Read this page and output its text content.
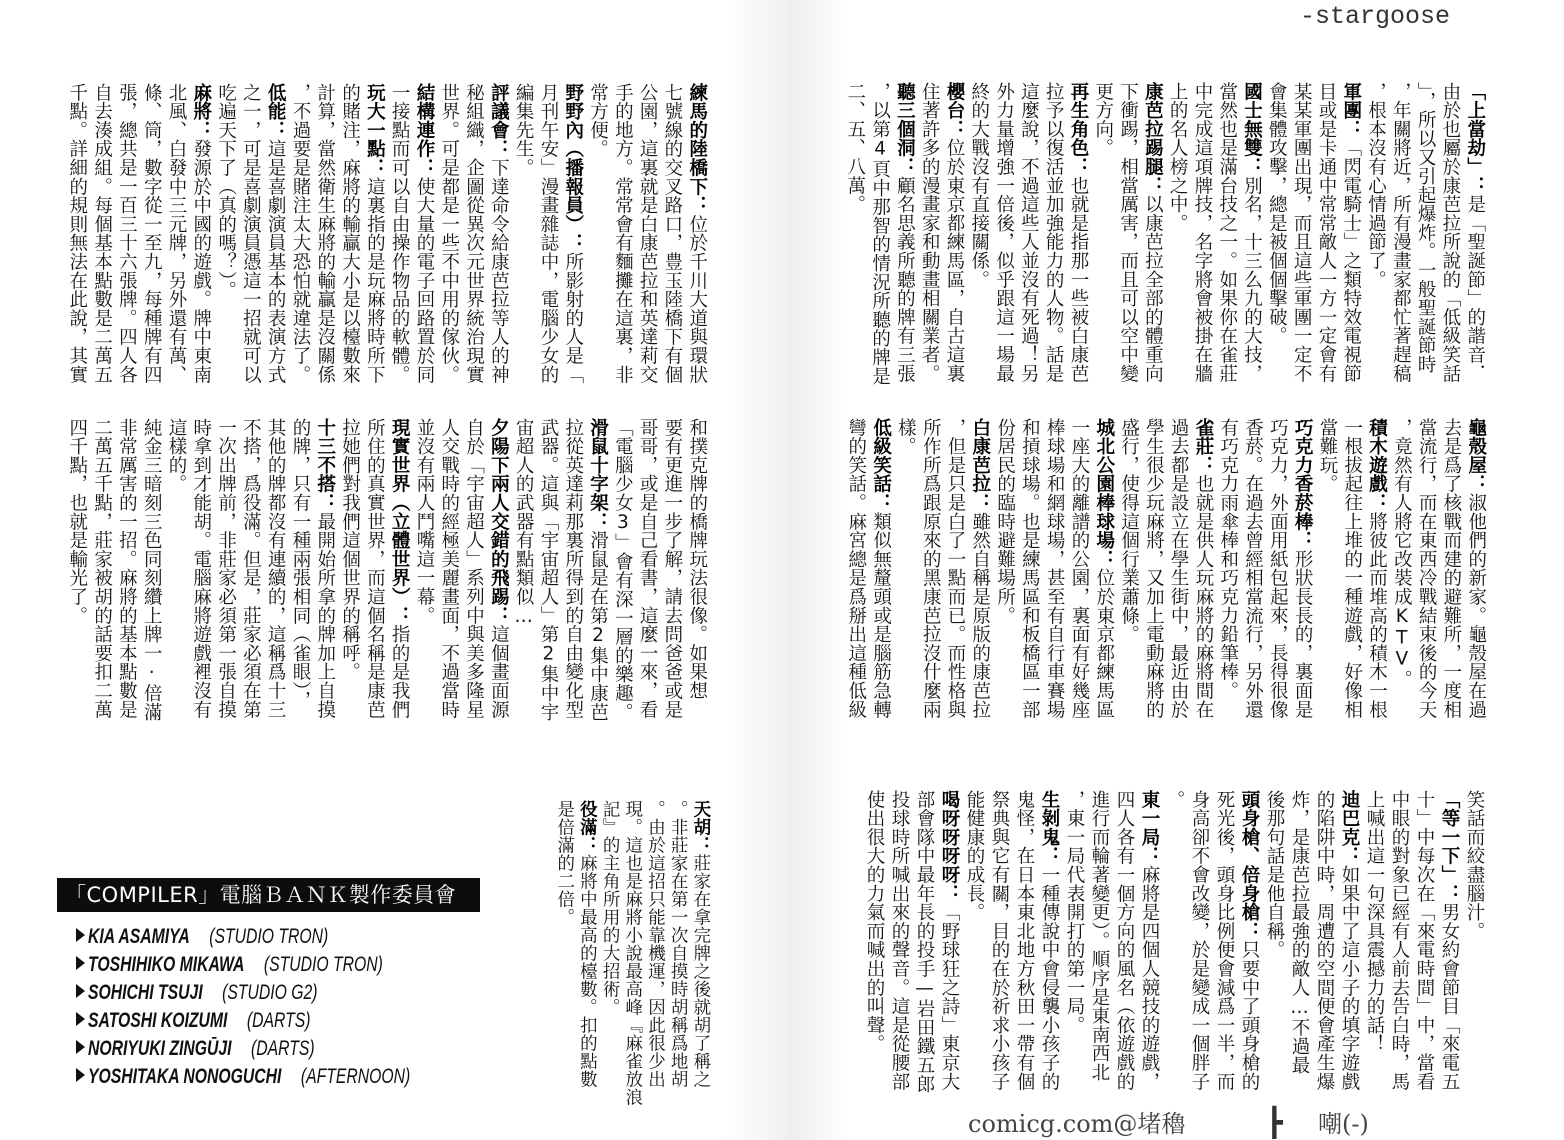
-stargoose
「上當劫」：是「聖誕節」的諧音．
由於也屬於康芭拉所說的「低級笑話
」，所以又引起爆炸。一般聖誕節時
，年關將近，所有漫畫家都忙著趕稿
，根本沒有心情過節了。
軍團：「閃電騎士」之類特效電視節
目或是卡通中常常敵人一方一定會有
某某軍團出現，而且這些軍團一定不
會集體攻擊，總是被個個擊破。
國士無雙：別名，十三么九的大技，
當然也是滿台技之一。如果你在雀莊
中完成這項牌技，名字將會被掛在牆
上的名人榜之中。
康芭拉踢腿：以康芭拉全部的體重向
下衝踢，相當厲害，而且可以空中變
更方向。
再生角色：也就是指那一些被白康芭
拉予以復活並加強能力的人物。話是
這麼說，不過這些人並沒有死過！另
外力量增強一倍後，似乎跟這一場最
終的大戰沒有直接關係。
櫻台：位於東京都練馬區，自古這裏
住著許多的漫畫家和動畫相關業者。
聽三個洞：顧名思義所聽的牌有三張
，以第4頁中那智的情況所聽的牌是
二、五、八萬。
龜殼屋：淑他們的新家。龜殼屋在過
去是爲了核戰而建的避難所，一度相
當流行，而在東西冷戰結束後的今天
，竟然有人將它改裝成KTV。
積木遊戲：將彼此而堆高的積木一根
一根拔起往上堆的一種遊戲，好像相
當難玩。
巧克力香菸棒：形狀長長的，裏面是
巧克力，外面用紙包起來，長得很像
香菸。在過去曾經相當流行，另外還
有巧克力雨傘棒和巧克力鉛筆棒。
雀莊：也就是供人玩麻將的麻將間在
過去都是設立在學生街中，最近由於
學生很少玩麻將，又加上電動麻將的
盛行，使得這個行業蕭條。
城北公園棒球場：位於東京都練馬區
一座大的離譜的公園，裏面有好幾座
棒球場和網球場，甚至有自行車賽場
和摃球場。也是練馬區和板橋區一部
份居民的臨時避難場所。
白康芭拉：雖然自稱是原版的康芭拉
，但是只是白了一點而已。而性格與
所作所爲跟原來的黑康芭拉沒什麼兩
樣。
低級笑話：類似無釐頭或是腦筋急轉
彎的笑話。麻宮總是爲掰出這種低級
笑話而絞盡腦汁。
「等一下」：男女約會節目「來電五
十」中每次在「來電時間」中，當看
中眼的對象已經有人前去告白時，馬
上喊出這一句深具震撼力的話！
迪巴克：如果中了這小子的填字遊戲
的陷阱中時，周遭的空間便會產生爆
炸，是康芭拉最強的敵人…不過最
後那句話是他自稱。
頭身槍、倍身槍：只要中了頭身槍的
死光後，頭身比例便會減爲一半，而
身高卻不會改變，於是變成一個胖子
。
東一局：麻將是四個人競技的遊戲，
四人各有一個方向的風名（依遊戲的
進行而輪著變更）。順序是東南西北
，東一局代表開打的第一局。
生剝鬼：一種傳說中會侵襲小孩子的
鬼怪，在日本東北地方秋田一帶有個
祭典與它有關，目的在於祈求小孩子
能健康的成長。
喝呀呀呀呀：「野球狂之詩」東京大
部會隊中最年長的投手—岩田鐵五郎
投球時所喊出來的聲音。這是從腰部
使出很大的力氣而喊出的叫聲。
練馬的陸橋下：位於千川大道與環狀
七號線的交叉路口，豊玉陸橋下有個
公園，這裏就是白康芭拉和英達莉交
手的地方。常常會有麵攤在這裏，非
常方便。
野野內（播報員）：所影射的人是「
月刊午安」漫畫雜誌中，電腦少女的
編集先生。
評議會：下達命令給康芭拉等人的神
秘組織，企圖從異次元世界統治現實
世界。可是都是一些不中用的傢伙。
結構連作：使大量的電子回路置於同
一接點而可以自由操作物品的軟體。
玩大一點：這裏指的是玩麻將時所下
的賭注，麻將的輸贏大小是以檯數來
計算，當然衛生麻將的輸贏是沒關係
，不過要是賭注太大恐怕就違法了。
低能：這是喜劇演員基本的表演方式
之一，可是喜劇演員憑這一招就可以
吃遍天下了（真的嗎？）。
麻將：發源於中國的遊戲。牌中東南
北風、白發中三元牌，另外還有萬、
條、筒，數字從一至九，每種牌有四
張，總共是一百三十六張牌。四人各
自去湊成組。每個基本點數是二萬五
千點。詳細的規則無法在此說，其實
和撲克牌的橋牌玩法很像。如果想
要有更進一步了解，請去問爸爸或是
哥哥，或是自己看書，這麼一來，看
「電腦少女3」會有深一層的樂趣。
滑鼠十字架：滑鼠是在第2集中康芭
拉從英達莉那裏所得到的自由變化型
武器。這與「宇宙超人」第2集中宇
宙超人的武器有點類似…
夕陽下兩人交錯的飛踢：這個畫面源
自於「宇宙超人」系列中與美多隆星
人交戰時的經極美麗畫面，不過當時
並沒有兩人鬥嘴這一幕。
現實世界（立體世界）：指的是我們
所住的真實世界，而這個名稱是康芭
拉她們對我們這個世界的稱呼。
十三不搭：最開始所拿的牌加上自摸
的牌，只有一種兩張相同（雀眼），
其他的牌都沒有連續的，這稱爲十三
不搭，爲役滿。但是，莊家必須在第
一次出牌前，非莊家必須第一張自摸
時拿到才能胡。電腦麻將遊戲裡沒有
這樣的。
純金三暗刻三色同刻纘上牌一‧倍滿
非常厲害的一招。麻將的基本點數是
二萬五千點，莊家被胡的話要扣二萬
四千點，也就是輸光了。
天胡：莊家在拿完牌之後就胡了稱之
。非莊家在第一次自摸時胡稱爲地胡
。由於這招只能靠機運，因此很少出
現。這也是麻將小說最高峰『麻雀放浪
記』的主角所用的大招術。
役滿：麻將中最高的檯數。扣的點數
是倍滿的二倍。
「COMPILER」電腦ＢＡＮＫ製作委員會
KIA ASAMIYA (STUDIO TRON)
TOSHIHIKO MIKAWA (STUDIO TRON)
SOHICHI TSUJI (STUDIO G2)
SATOSHI KOIZUMI (DARTS)
NORIYUKI ZINGŪJI (DARTS)
YOSHITAKA NONOGUCHI (AFTERNOON)
comicg.com@堵穭	┣ 嘲(-)
